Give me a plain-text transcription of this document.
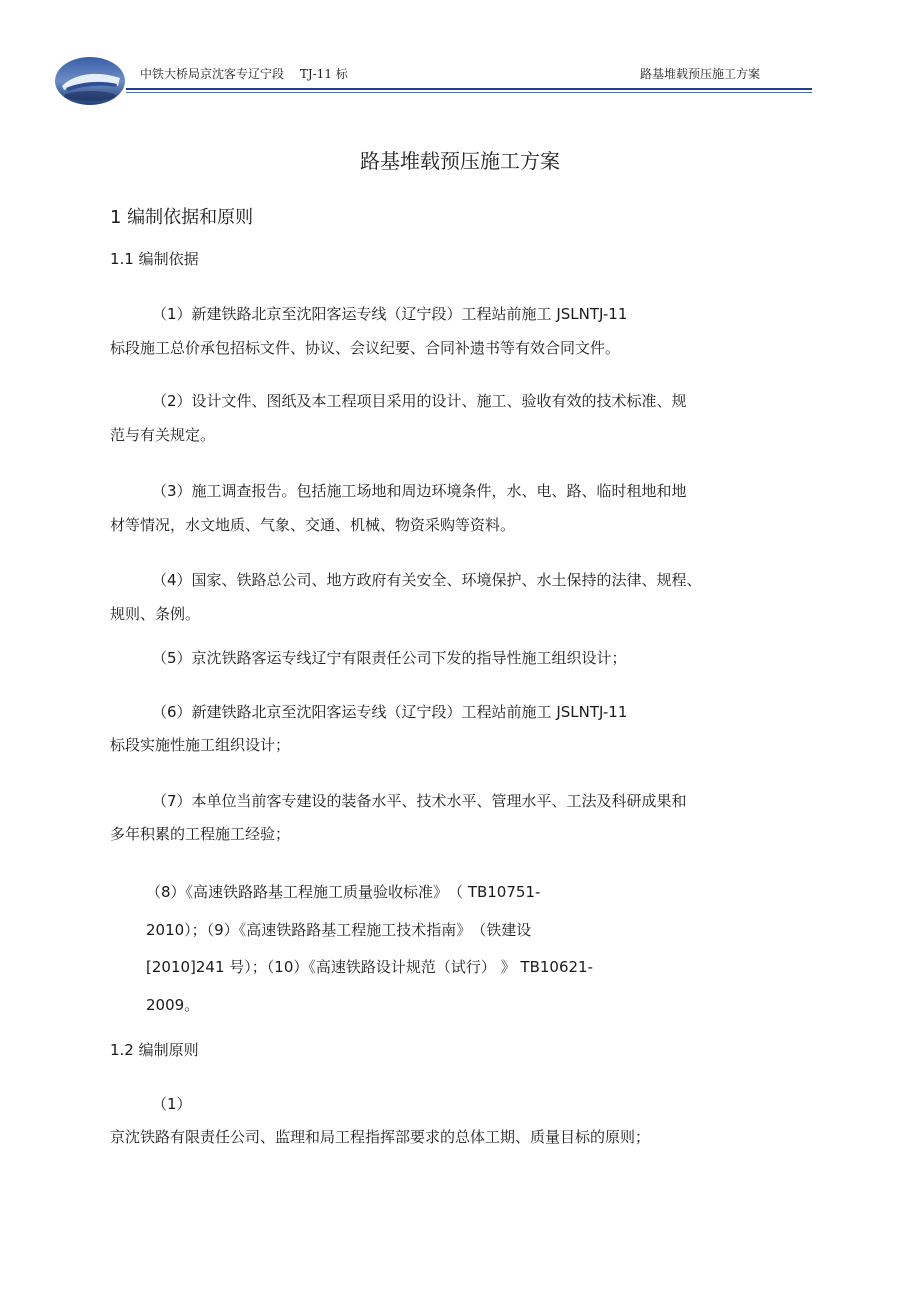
中铁大桥局京沈客专辽宁段　 TJ-11 标	路基堆载预压施工方案
路基堆载预压施工方案
1 编制依据和原则
1.1 编制依据
（1）新建铁路北京至沈阳客运专线（辽宁段）工程站前施工 JSLNTJ-11
标段施工总价承包招标文件、协议、会议纪要、合同补遗书等有效合同文件。
（2）设计文件、图纸及本工程项目采用的设计、施工、验收有效的技术标准、规
范与有关规定。
（3）施工调查报告。包括施工场地和周边环境条件，水、电、路、临时租地和地
材等情况，水文地质、气象、交通、机械、物资采购等资料。
（4）国家、铁路总公司、地方政府有关安全、环境保护、水土保持的法律、规程、
规则、条例。
（5）京沈铁路客运专线辽宁有限责任公司下发的指导性施工组织设计；
（6）新建铁路北京至沈阳客运专线（辽宁段）工程站前施工 JSLNTJ-11
标段实施性施工组织设计；
（7）本单位当前客专建设的装备水平、技术水平、管理水平、工法及科研成果和
多年积累的工程施工经验；
（8）《高速铁路路基工程施工质量验收标准》　（ TB10751-
2010）；（9）《高速铁路路基工程施工技术指南》　（铁建设
[2010]241 号）；（10）《高速铁路设计规范（试行） 》 TB10621-
2009。
1.2 编制原则
（1）
京沈铁路有限责任公司、监理和局工程指挥部要求的总体工期、质量目标的原则；
